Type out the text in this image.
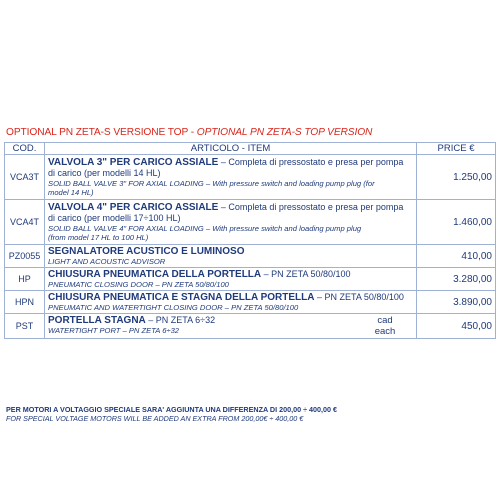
OPTIONAL PN ZETA-S VERSIONE TOP - OPTIONAL PN ZETA-S TOP VERSION
COD.	ARTICOLO - ITEM	PRICE €
VCA3T	VALVOLA 3" PER CARICO ASSIALE – Completa di pressostato e presa per pompa
di carico (per modelli 14 HL)
SOLID BALL VALVE 3" FOR AXIAL LOADING – With pressure switch and loading pump plug (for
model 14 HL)	1.250,00
VCA4T	VALVOLA 4" PER CARICO ASSIALE – Completa di pressostato e presa per pompa
di carico (per modelli 17÷100 HL)
SOLID BALL VALVE 4" FOR AXIAL LOADING – With pressure switch and loading pump plug
(from model 17 HL to 100 HL)	1.460,00
PZ0055	SEGNALATORE ACUSTICO E LUMINOSO
LIGHT AND ACOUSTIC ADVISOR	410,00
HP	CHIUSURA PNEUMATICA DELLA PORTELLA – PN ZETA 50/80/100
PNEUMATIC CLOSING DOOR – PN ZETA 50/80/100	3.280,00
HPN	CHIUSURA PNEUMATICA E STAGNA DELLA PORTELLA – PN ZETA 50/80/100
PNEUMATIC AND WATERTIGHT CLOSING DOOR – PN ZETA 50/80/100	3.890,00
PST	PORTELLA STAGNA – PN ZETA 6÷32
WATERTIGHT PORT – PN ZETA 6÷32
cad
each	450,00
PER MOTORI A VOLTAGGIO SPECIALE SARA' AGGIUNTA UNA DIFFERENZA DI 200,00 ÷ 400,00 €
FOR SPECIAL VOLTAGE MOTORS WILL BE ADDED AN EXTRA FROM 200,00€ ÷ 400,00 €
